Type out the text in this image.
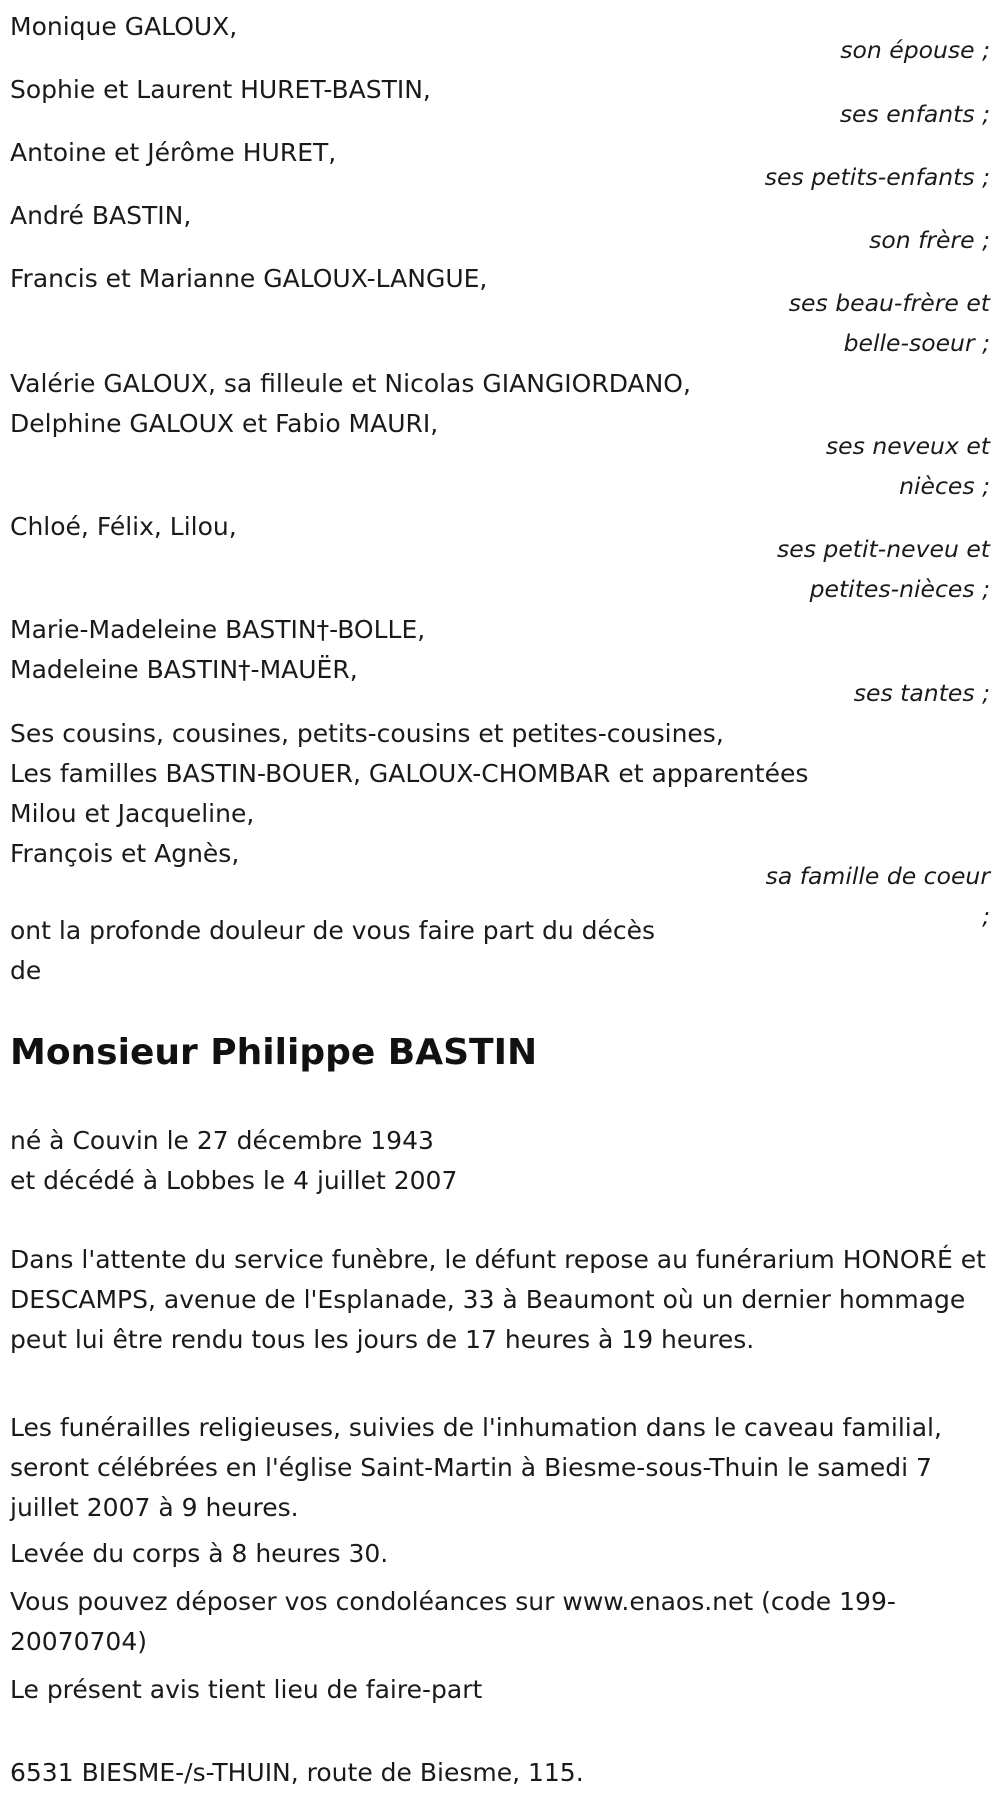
Monique GALOUX,
son épouse ;
Sophie et Laurent HURET-BASTIN,
ses enfants ;
Antoine et Jérôme HURET,
ses petits-enfants ;
André BASTIN,
son frère ;
Francis et Marianne GALOUX-LANGUE,
ses beau-frère et
belle-soeur ;
Valérie GALOUX, sa filleule et Nicolas GIANGIORDANO,
Delphine GALOUX et Fabio MAURI,
ses neveux et
nièces ;
Chloé, Félix, Lilou,
ses petit-neveu et
petites-nièces ;
Marie-Madeleine BASTIN†-BOLLE,
Madeleine BASTIN†-MAUËR,
ses tantes ;
Ses cousins, cousines, petits-cousins et petites-cousines,
Les familles BASTIN-BOUER, GALOUX-CHOMBAR et apparentées
Milou et Jacqueline,
François et Agnès,
sa famille de coeur
;
ont la profonde douleur de vous faire part du décès
de
Monsieur Philippe BASTIN
né à Couvin le 27 décembre 1943
et décédé à Lobbes le 4 juillet 2007
Dans l'attente du service funèbre, le défunt repose au funérarium HONORÉ et DESCAMPS, avenue de l'Esplanade, 33 à Beaumont où un dernier hommage peut lui être rendu tous les jours de 17 heures à 19 heures.
Les funérailles religieuses, suivies de l'inhumation dans le caveau familial, seront célébrées en l'église Saint-Martin à Biesme-sous-Thuin le samedi 7 juillet 2007 à 9 heures.
Levée du corps à 8 heures 30.
Vous pouvez déposer vos condoléances sur www.enaos.net (code 199-20070704)
Le présent avis tient lieu de faire-part
6531 BIESME-/s-THUIN, route de Biesme, 115.
